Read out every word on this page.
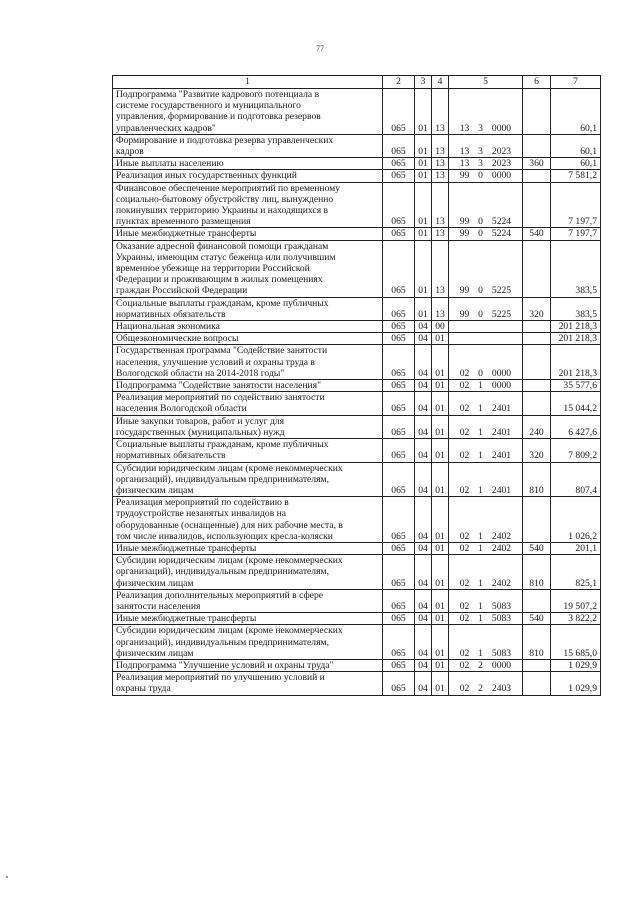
77
1	2	3	4	5	6	7
Подпрограмма "Развитие кадрового потенциала в
системе государственного и муниципального
управления, формирование и подготовка резервов
управленческих кадров"	065	01	13	13 3 0000		60,1
Формирование и подготовка резерва управленческих
кадров	065	01	13	13 3 2023		60,1
Иные выплаты населению	065	01	13	13 3 2023	360	60,1
Реализация иных государственных функций	065	01	13	99 0 0000		7 581,2
Финансовое обеспечение мероприятий по временному
социально-бытовому обустройству лиц, вынужденно
покинувших территорию Украины и находящихся в
пунктах временного размещения	065	01	13	99 0 5224		7 197,7
Иные межбюджетные трансферты	065	01	13	99 0 5224	540	7 197,7
Оказание адресной финансовой помощи гражданам
Украины, имеющим статус беженца или получившим
временное убежище на территории Российской
Федерации и проживающим в жилых помещениях
граждан Российской Федерации	065	01	13	99 0 5225		383,5
Социальные выплаты гражданам, кроме публичных
нормативных обязательств	065	01	13	99 0 5225	320	383,5
Национальная экономика	065	04	00			201 218,3
Общеэкономические вопросы	065	04	01			201 218,3
Государственная программа "Содействие занятости
населения, улучшение условий и охраны труда в
Вологодской области на 2014-2018 годы"	065	04	01	02 0 0000		201 218,3
Подпрограмма "Содействие занятости населения"	065	04	01	02 1 0000		35 577,6
Реализация мероприятий по содействию занятости
населения Вологодской области	065	04	01	02 1 2401		15 044,2
Иные закупки товаров, работ и услуг для
государственных (муниципальных) нужд	065	04	01	02 1 2401	240	6 427,6
Социальные выплаты гражданам, кроме публичных
нормативных обязательств	065	04	01	02 1 2401	320	7 809,2
Субсидии юридическим лицам (кроме некоммерческих
организаций), индивидуальным предпринимателям,
физическим лицам	065	04	01	02 1 2401	810	807,4
Реализация мероприятий по содействию в
трудоустройстве незанятых инвалидов на
оборудованные (оснащенные) для них рабочие места, в
том числе инвалидов, использующих кресла-коляски	065	04	01	02 1 2402		1 026,2
Иные межбюджетные трансферты	065	04	01	02 1 2402	540	201,1
Субсидии юридическим лицам (кроме некоммерческих
организаций), индивидуальным предпринимателям,
физическим лицам	065	04	01	02 1 2402	810	825,1
Реализация дополнительных мероприятий в сфере
занятости населения	065	04	01	02 1 5083		19 507,2
Иные межбюджетные трансферты	065	04	01	02 1 5083	540	3 822,2
Субсидии юридическим лицам (кроме некоммерческих
организаций), индивидуальным предпринимателям,
физическим лицам	065	04	01	02 1 5083	810	15 685,0
Подпрограмма "Улучшение условий и охраны труда"	065	04	01	02 2 0000		1 029,9
Реализация мероприятий по улучшению условий и
охраны труда	065	04	01	02 2 2403		1 029,9
